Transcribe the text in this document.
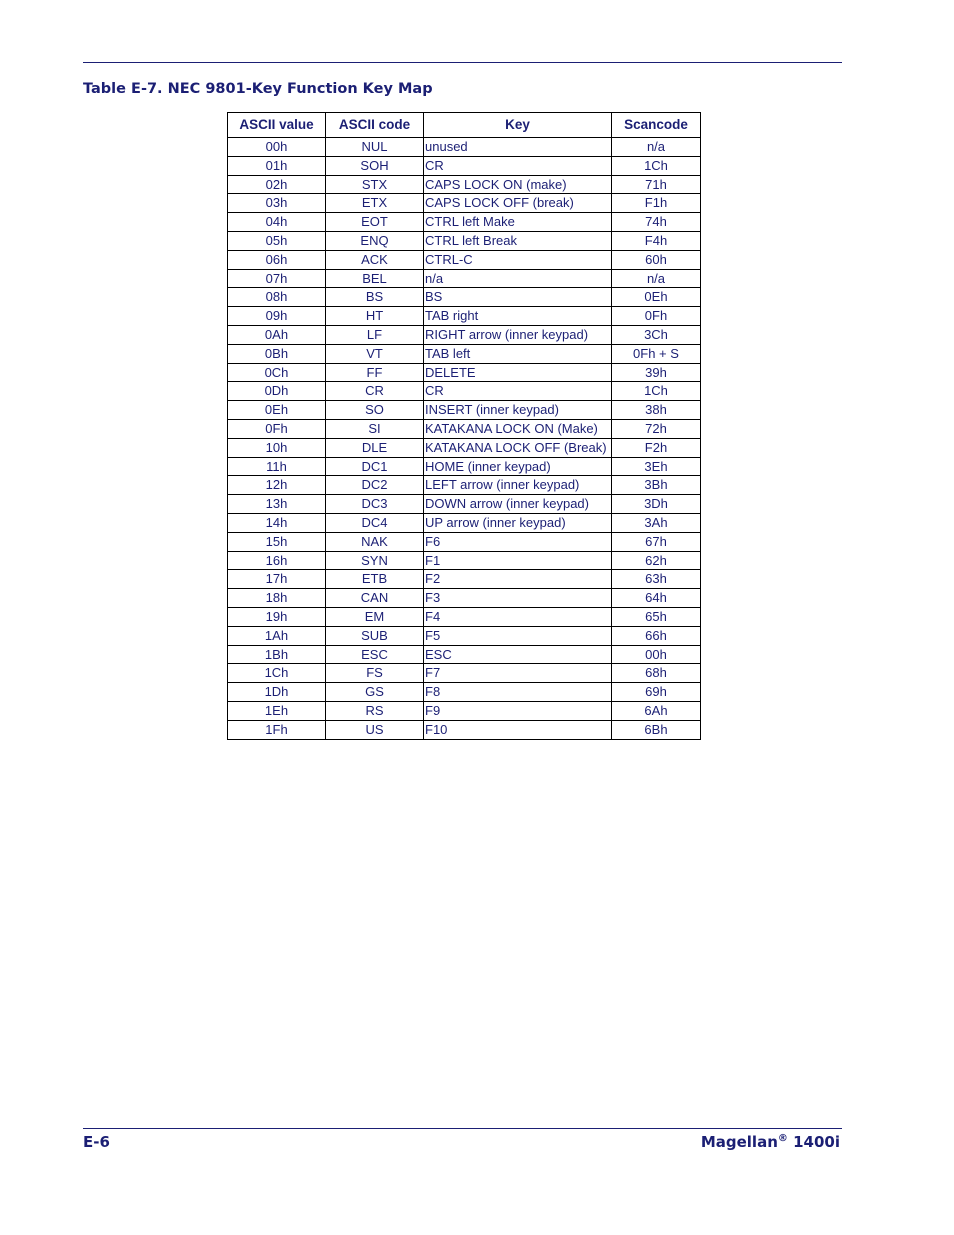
Table E-7. NEC 9801-Key Function Key Map
ASCII value	ASCII code	Key	Scancode
00h	NUL	unused	n/a
01h	SOH	CR	1Ch
02h	STX	CAPS LOCK ON (make)	71h
03h	ETX	CAPS LOCK OFF (break)	F1h
04h	EOT	CTRL left Make	74h
05h	ENQ	CTRL left Break	F4h
06h	ACK	CTRL-C	60h
07h	BEL	n/a	n/a
08h	BS	BS	0Eh
09h	HT	TAB right	0Fh
0Ah	LF	RIGHT arrow (inner keypad)	3Ch
0Bh	VT	TAB left	0Fh + S
0Ch	FF	DELETE	39h
0Dh	CR	CR	1Ch
0Eh	SO	INSERT (inner keypad)	38h
0Fh	SI	KATAKANA LOCK ON (Make)	72h
10h	DLE	KATAKANA LOCK OFF (Break)	F2h
11h	DC1	HOME (inner keypad)	3Eh
12h	DC2	LEFT arrow (inner keypad)	3Bh
13h	DC3	DOWN arrow (inner keypad)	3Dh
14h	DC4	UP arrow (inner keypad)	3Ah
15h	NAK	F6	67h
16h	SYN	F1	62h
17h	ETB	F2	63h
18h	CAN	F3	64h
19h	EM	F4	65h
1Ah	SUB	F5	66h
1Bh	ESC	ESC	00h
1Ch	FS	F7	68h
1Dh	GS	F8	69h
1Eh	RS	F9	6Ah
1Fh	US	F10	6Bh
E-6	Magellan® 1400i
